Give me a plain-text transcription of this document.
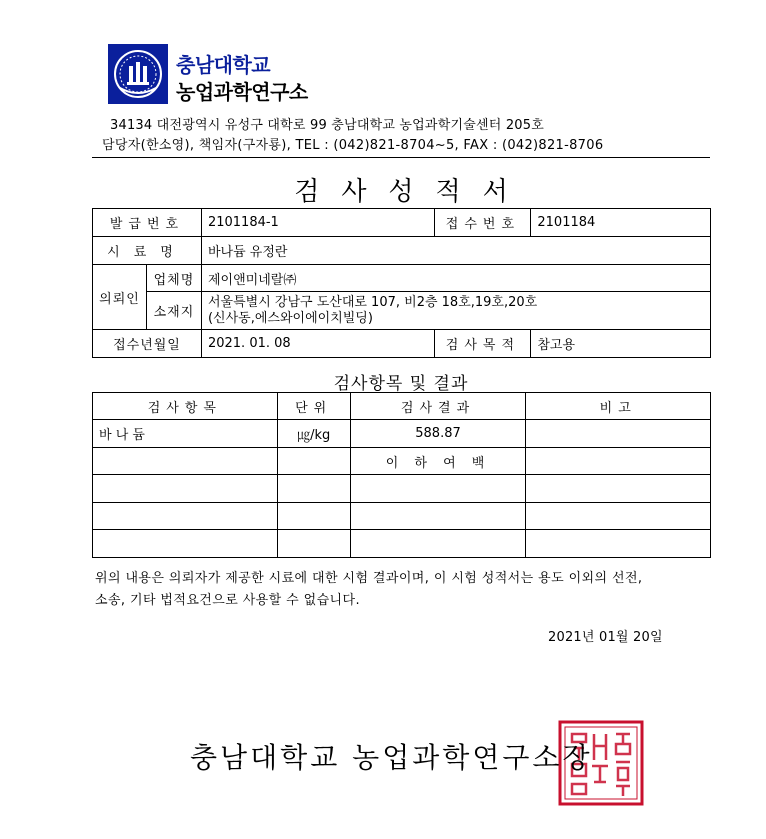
충남대학교
농업과학연구소
34134 대전광역시 유성구 대학로 99 충남대학교 농업과학기술센터 205호
담당자(한소영), 책임자(구자룡), TEL : (042)821-8704~5, FAX : (042)821-8706
검사성적서
발급번호		2101184-1	접수번호	2101184
시료명		바나듐 유정란		
의뢰인	업체명	제이앤미네랄㈜		
	소재지	서울특별시 강남구 도산대로 107, 비2층 18호,19호,20호
(신사동,에스와이에이치빌딩)		

접수년월일		2021. 01. 08	검사목적	참고용
검사항목 및 결과
검사항목	단위	검사결과	비고
바 나 듐	㎍/kg	588.87	
		이 하 여 백	

위의 내용은 의뢰자가 제공한 시료에 대한 시험 결과이며, 이 시험 성적서는 용도 이외의 선전,
소송, 기타 법적요건으로 사용할 수 없습니다.
2021년 01월 20일
충남대학교 농업과학연구소장
